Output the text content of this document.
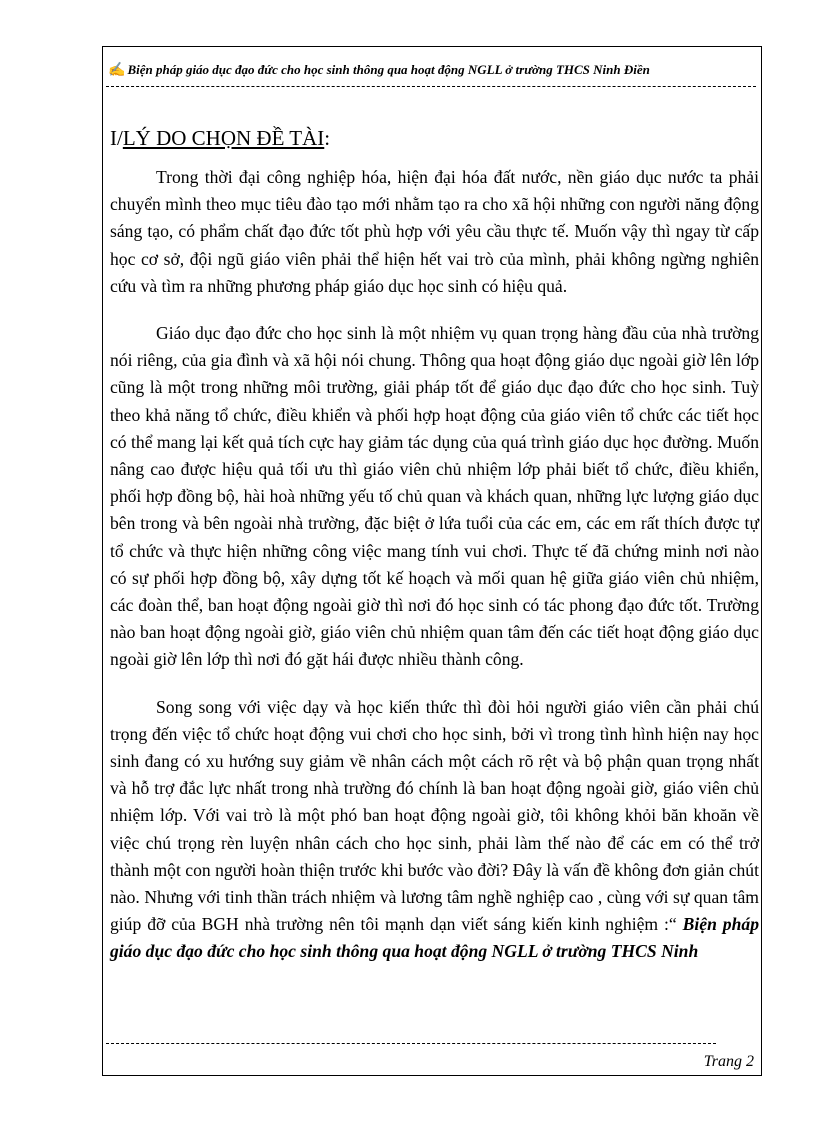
✍ Biện pháp giáo dục đạo đức cho học sinh thông qua hoạt động NGLL ở trường THCS Ninh Điền
I/LÝ DO CHỌN ĐỀ TÀI:

Trong thời đại công nghiệp hóa, hiện đại hóa đất nước, nền giáo dục nước ta phải chuyển mình theo mục tiêu đào tạo mới nhằm tạo ra cho xã hội những con người năng động sáng tạo, có phẩm chất đạo đức tốt phù hợp với yêu cầu thực tế. Muốn vậy thì ngay từ cấp học cơ sở, đội ngũ giáo viên phải thể hiện hết vai trò của mình, phải không ngừng nghiên cứu và tìm ra những phương pháp giáo dục học sinh có hiệu quả.

Giáo dục đạo đức cho học sinh là một nhiệm vụ quan trọng hàng đầu của nhà trường nói riêng, của gia đình và xã hội nói chung. Thông qua hoạt động giáo dục ngoài giờ lên lớp cũng là một trong những môi trường, giải pháp tốt để giáo dục đạo đức cho học sinh. Tuỳ theo khả năng tổ chức, điều khiển và phối hợp hoạt động của giáo viên tổ chức các tiết học có thể mang lại kết quả tích cực hay giảm tác dụng của quá trình giáo dục học đường. Muốn nâng cao được hiệu quả tối ưu thì giáo viên chủ nhiệm lớp phải biết tổ chức, điều khiển, phối hợp đồng bộ, hài hoà những yếu tố chủ quan và khách quan, những lực lượng giáo dục bên trong và bên ngoài nhà trường, đặc biệt ở lứa tuổi của các em, các em rất thích được tự tổ chức và thực hiện những công việc mang tính vui chơi. Thực tế đã chứng minh nơi nào có sự phối hợp đồng bộ, xây dựng tốt kế hoạch và mối quan hệ giữa giáo viên chủ nhiệm, các đoàn thể, ban hoạt động ngoài giờ thì nơi đó học sinh có tác phong đạo đức tốt. Trường nào ban hoạt động ngoài giờ, giáo viên chủ nhiệm quan tâm đến các tiết hoạt động giáo dục ngoài giờ lên lớp thì nơi đó gặt hái được nhiều thành công.

Song song với việc dạy và học kiến thức thì đòi hỏi người giáo viên cần phải chú trọng đến việc tổ chức hoạt động vui chơi cho học sinh, bởi vì trong tình hình hiện nay học sinh đang có xu hướng suy giảm về nhân cách một cách rõ rệt và bộ phận quan trọng nhất và hỗ trợ đắc lực nhất trong nhà trường đó chính là ban hoạt động ngoài giờ, giáo viên chủ nhiệm lớp. Với vai trò là một phó ban hoạt động ngoài giờ, tôi không khỏi băn khoăn về việc chú trọng rèn luyện nhân cách cho học sinh, phải làm thế nào để các em có thể trở thành một con người hoàn thiện trước khi bước vào đời? Đây là vấn đề không đơn giản chút nào. Nhưng với tinh thần trách nhiệm và lương tâm nghề nghiệp cao , cùng với sự quan tâm giúp đỡ của BGH nhà trường nên tôi mạnh dạn viết sáng kiến kinh nghiệm :“ Biện pháp giáo dục đạo đức cho học sinh thông qua hoạt động NGLL ở trường THCS Ninh

Trang 2
